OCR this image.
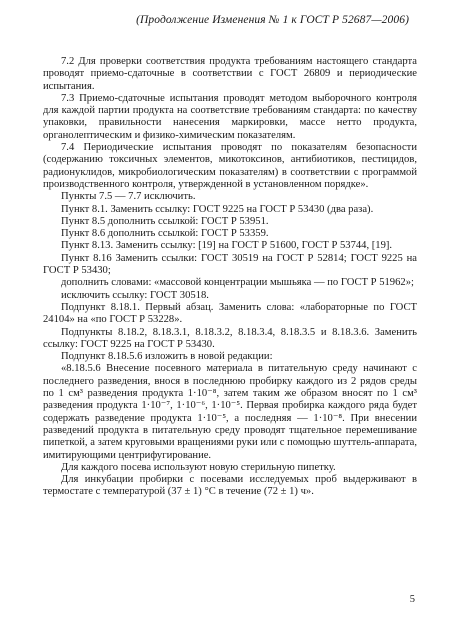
(Продолжение Изменения № 1 к ГОСТ Р 52687—2006)

7.2 Для проверки соответствия продукта требованиям настоящего стандарта проводят приемо-сдаточные в соответствии с ГОСТ 26809 и периодические испытания.

7.3 Приемо-сдаточные испытания проводят методом выборочного контроля для каждой партии продукта на соответствие требованиям стандарта: по качеству упаковки, правильности нанесения маркировки, массе нетто продукта, органолептическим и физико-химическим показателям.

7.4 Периодические испытания проводят по показателям безопасности (содержанию токсичных элементов, микотоксинов, антибиотиков, пестицидов, радионуклидов, микробиологическим показателям) в соответствии с программой производственного контроля, утвержденной в установленном порядке».

Пункты 7.5 — 7.7 исключить.

Пункт 8.1. Заменить ссылку: ГОСТ 9225 на ГОСТ Р 53430 (два раза).

Пункт 8.5 дополнить ссылкой: ГОСТ Р 53951.

Пункт 8.6 дополнить ссылкой: ГОСТ Р 53359.

Пункт 8.13. Заменить ссылку: [19] на ГОСТ Р 51600, ГОСТ Р 53744, [19].

Пункт 8.16 Заменить ссылки: ГОСТ 30519 на ГОСТ Р 52814; ГОСТ 9225 на ГОСТ Р 53430;

дополнить словами: «массовой концентрации мышьяка — по ГОСТ Р 51962»;

исключить ссылку: ГОСТ 30518.

Подпункт 8.18.1. Первый абзац. Заменить слова: «лабораторные по ГОСТ 24104» на «по ГОСТ Р 53228».

Подпункты 8.18.2, 8.18.3.1, 8.18.3.2, 8.18.3.4, 8.18.3.5 и 8.18.3.6. Заменить ссылку: ГОСТ 9225 на ГОСТ Р 53430.

Подпункт 8.18.5.6 изложить в новой редакции:

«8.18.5.6 Внесение посевного материала в питательную среду начинают с последнего разведения, внося в последнюю пробирку каждого из 2 рядов среды по 1 см³ разведения продукта 1·10⁻⁸, затем таким же образом вносят по 1 см³ разведения продукта 1·10⁻⁷, 1·10⁻⁶, 1·10⁻⁵. Первая пробирка каждого ряда будет содержать разведение продукта 1·10⁻⁵, а последняя — 1·10⁻⁸. При внесении разведений продукта в питательную среду проводят тщательное перемешивание пипеткой, а затем круговыми вращениями руки или с помощью шуттель-аппарата, имитирующими центрифугирование.

Для каждого посева используют новую стерильную пипетку.

Для инкубации пробирки с посевами исследуемых проб выдерживают в термостате с температурой (37 ± 1) °С в течение (72 ± 1) ч».

5
